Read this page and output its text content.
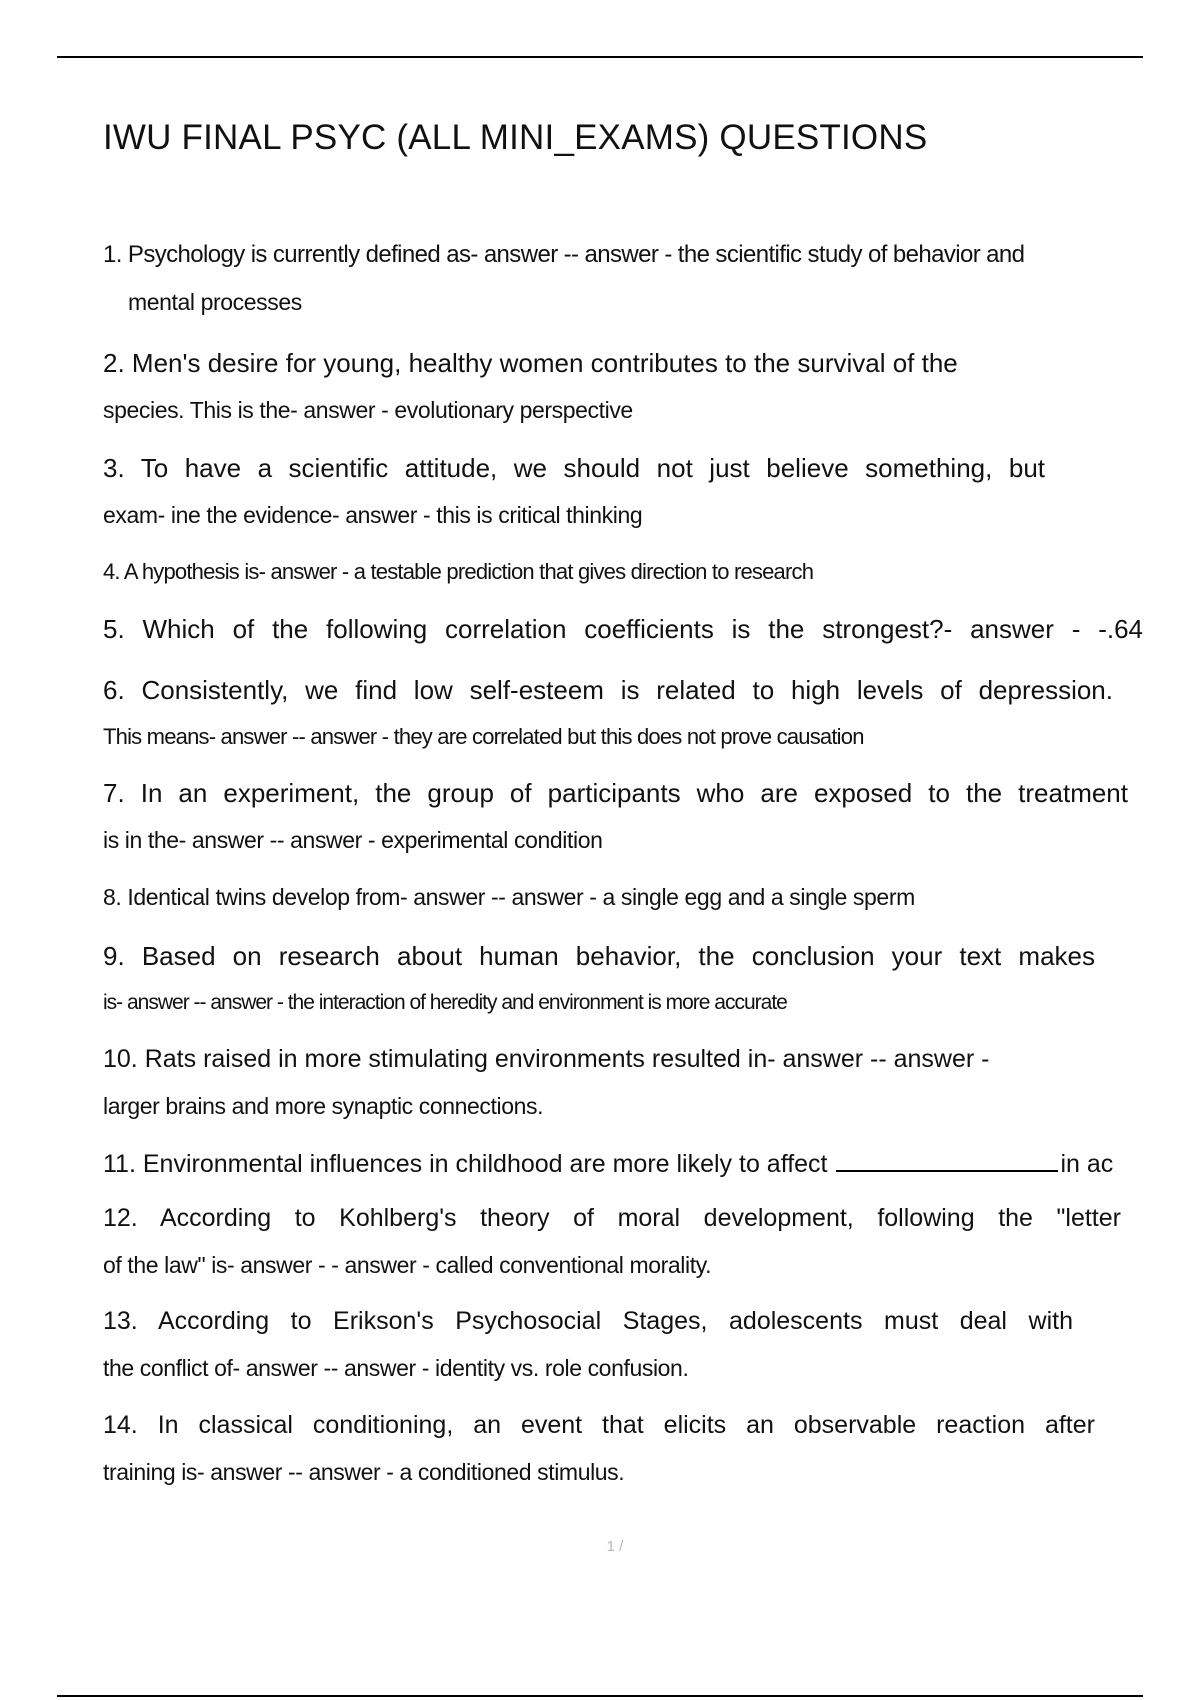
IWU FINAL PSYC (ALL MINI_EXAMS) QUESTIONS
1. Psychology is currently defined as- answer -- answer - the scientific study of behavior and
mental processes
2. Men's desire for young, healthy women contributes to the survival of the
species. This is the- answer - evolutionary perspective
3. To have a scientific attitude, we should not just believe something, but
exam- ine the evidence- answer - this is critical thinking
4. A hypothesis is- answer - a testable prediction that gives direction to research
5. Which of the following correlation coefficients is the strongest?- answer - -.64
6. Consistently, we find low self-esteem is related to high levels of depression.
This means- answer -- answer - they are correlated but this does not prove causation
7. In an experiment, the group of participants who are exposed to the treatment
is in the- answer -- answer - experimental condition
8. Identical twins develop from- answer -- answer - a single egg and a single sperm
9. Based on research about human behavior, the conclusion your text makes
is- answer -- answer - the interaction of heredity and environment is more accurate
10. Rats raised in more stimulating environments resulted in- answer -- answer -
larger brains and more synaptic connections.
11. Environmental influences in childhood are more likely to affect	in ac
12. According to Kohlberg's theory of moral development, following the "letter
of the law" is- answer - - answer - called conventional morality.
13. According to Erikson's Psychosocial Stages, adolescents must deal with
the conflict of- answer -- answer - identity vs. role confusion.
14. In classical conditioning, an event that elicits an observable reaction after
training is- answer -- answer - a conditioned stimulus.
1 /
